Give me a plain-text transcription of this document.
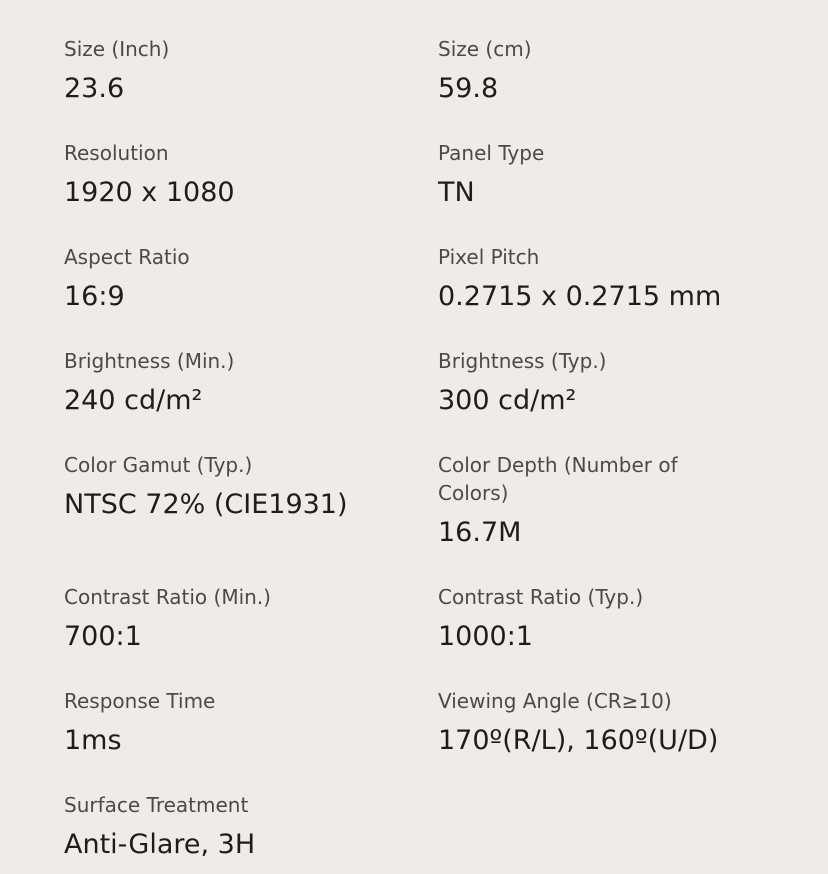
Size (Inch)
23.6
Size (cm)
59.8
Resolution
1920 x 1080
Panel Type
TN
Aspect Ratio
16:9
Pixel Pitch
0.2715 x 0.2715 mm
Brightness (Min.)
240 cd/m²
Brightness (Typ.)
300 cd/m²
Color Gamut (Typ.)
NTSC 72% (CIE1931)
Color Depth (Number of Colors)
16.7M
Contrast Ratio (Min.)
700:1
Contrast Ratio (Typ.)
1000:1
Response Time
1ms
Viewing Angle (CR≥10)
170º(R/L), 160º(U/D)
Surface Treatment
Anti-Glare, 3H
